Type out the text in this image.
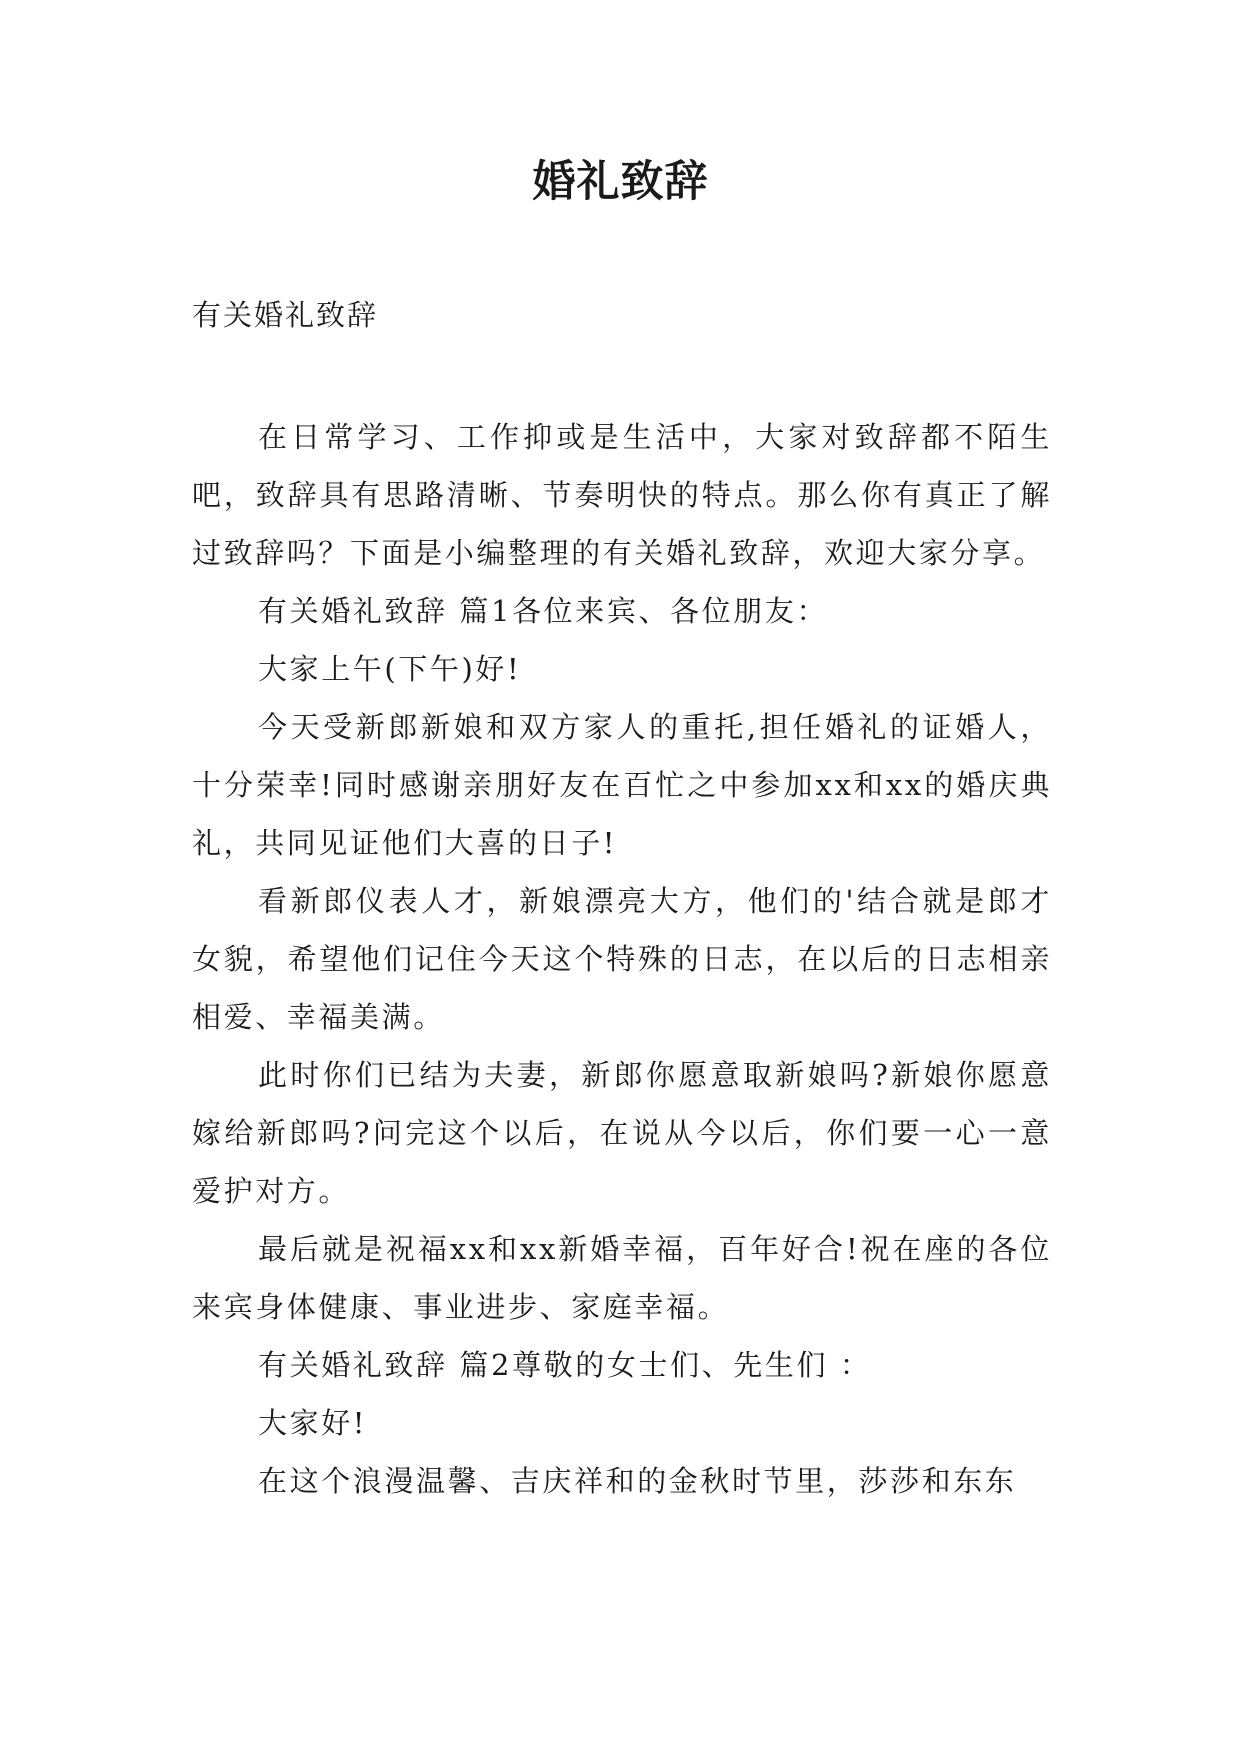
婚礼致辞

有关婚礼致辞

在日常学习、工作抑或是生活中，大家对致辞都不陌生吧，致辞具有思路清晰、节奏明快的特点。那么你有真正了解过致辞吗？下面是小编整理的有关婚礼致辞，欢迎大家分享。

有关婚礼致辞 篇1各位来宾、各位朋友：

大家上午(下午)好!

今天受新郎新娘和双方家人的重托,担任婚礼的证婚人，十分荣幸!同时感谢亲朋好友在百忙之中参加xx和xx的婚庆典礼，共同见证他们大喜的日子!

看新郎仪表人才，新娘漂亮大方，他们的'结合就是郎才女貌，希望他们记住今天这个特殊的日志，在以后的日志相亲相爱、幸福美满。

此时你们已结为夫妻，新郎你愿意取新娘吗?新娘你愿意嫁给新郎吗?问完这个以后，在说从今以后，你们要一心一意爱护对方。

最后就是祝福xx和xx新婚幸福，百年好合!祝在座的各位来宾身体健康、事业进步、家庭幸福。

有关婚礼致辞 篇2尊敬的女士们、先生们 ：

大家好!

在这个浪漫温馨、吉庆祥和的金秋时节里，莎莎和东东
